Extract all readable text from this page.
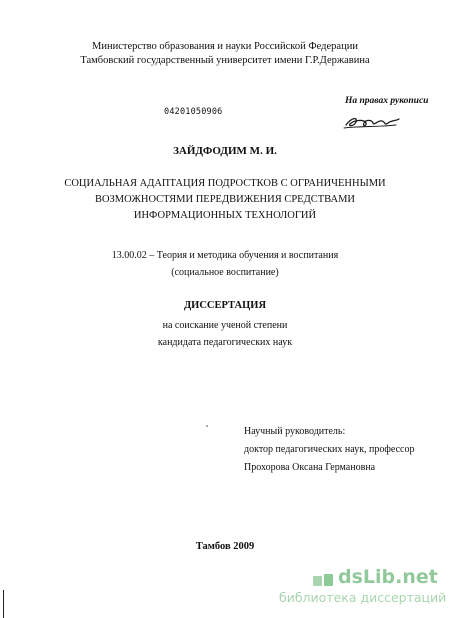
Министерство образования и науки Российской Федерации
Тамбовский государственный университет имени Г.Р.Державина
04201050906
На правах рукописи
ЗАЙДФОДИМ М. И.
СОЦИАЛЬНАЯ АДАПТАЦИЯ ПОДРОСТКОВ С ОГРАНИЧЕННЫМИ
ВОЗМОЖНОСТЯМИ ПЕРЕДВИЖЕНИЯ СРЕДСТВАМИ
ИНФОРМАЦИОННЫХ ТЕХНОЛОГИЙ
13.00.02 – Теория и методика обучения и воспитания
(социальное воспитание)
ДИССЕРТАЦИЯ
на соискание ученой степени
кандидата педагогических наук
Научный руководитель:
доктор педагогических наук, профессор
Прохорова Оксана Германовна
Тамбов 2009
dsLib.net
библиотека диссертаций
